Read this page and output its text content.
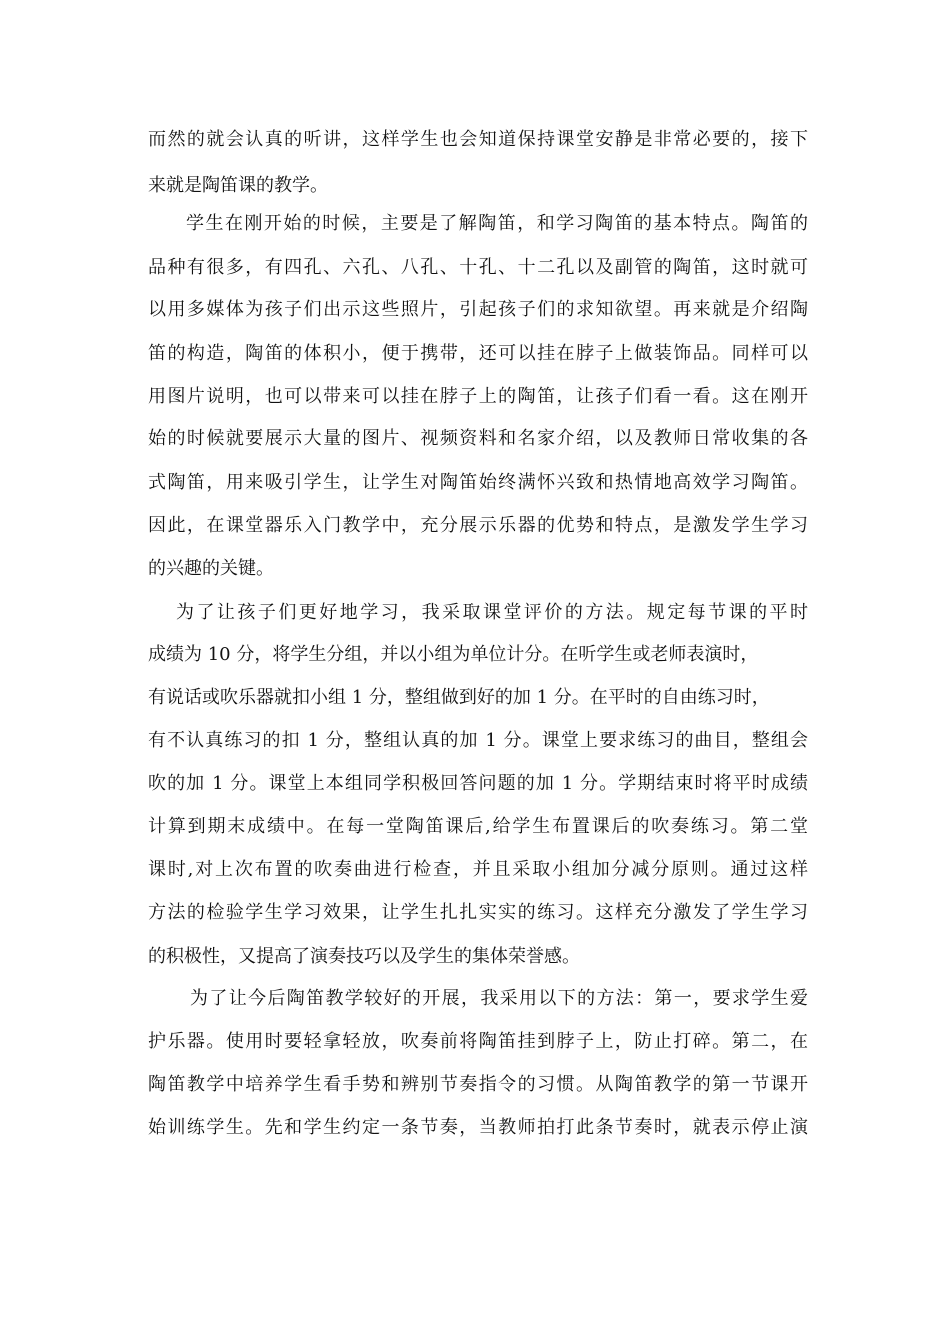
而然的就会认真的听讲，这样学生也会知道保持课堂安静是非常必要的，接下
来就是陶笛课的教学。
学生在刚开始的时候，主要是了解陶笛，和学习陶笛的基本特点。陶笛的
品种有很多，有四孔、六孔、八孔、十孔、十二孔以及副管的陶笛，这时就可
以用多媒体为孩子们出示这些照片，引起孩子们的求知欲望。再来就是介绍陶
笛的构造，陶笛的体积小，便于携带，还可以挂在脖子上做装饰品。同样可以
用图片说明，也可以带来可以挂在脖子上的陶笛，让孩子们看一看。这在刚开
始的时候就要展示大量的图片、视频资料和名家介绍，以及教师日常收集的各
式陶笛，用来吸引学生，让学生对陶笛始终满怀兴致和热情地高效学习陶笛。
因此，在课堂器乐入门教学中，充分展示乐器的优势和特点，是激发学生学习
的兴趣的关键。
为了让孩子们更好地学习，我采取课堂评价的方法。规定每节课的平时
成绩为 10 分，将学生分组，并以小组为单位计分。在听学生或老师表演时，
有说话或吹乐器就扣小组 1 分，整组做到好的加 1 分。在平时的自由练习时，
有不认真练习的扣 1 分，整组认真的加 1 分。课堂上要求练习的曲目，整组会
吹的加 1 分。课堂上本组同学积极回答问题的加 1 分。学期结束时将平时成绩
计算到期末成绩中。在每一堂陶笛课后,给学生布置课后的吹奏练习。第二堂
课时,对上次布置的吹奏曲进行检查，并且采取小组加分减分原则。通过这样
方法的检验学生学习效果，让学生扎扎实实的练习。这样充分激发了学生学习
的积极性，又提高了演奏技巧以及学生的集体荣誉感。
为了让今后陶笛教学较好的开展，我采用以下的方法：第一，要求学生爱
护乐器。使用时要轻拿轻放，吹奏前将陶笛挂到脖子上，防止打碎。第二，在
陶笛教学中培养学生看手势和辨别节奏指令的习惯。从陶笛教学的第一节课开
始训练学生。先和学生约定一条节奏，当教师拍打此条节奏时，就表示停止演
